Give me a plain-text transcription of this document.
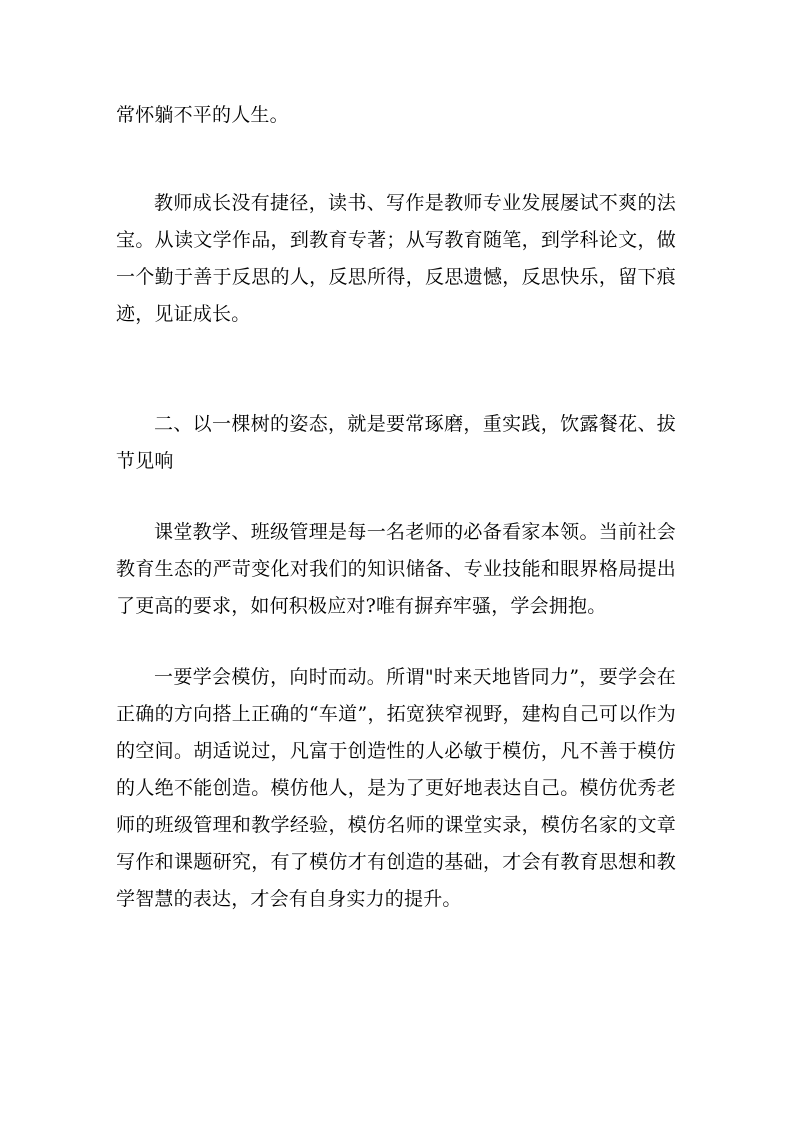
常怀躺不平的人生。

教师成长没有捷径，读书、写作是教师专业发展屡试不爽的法宝。从读文学作品，到教育专著；从写教育随笔，到学科论文，做一个勤于善于反思的人，反思所得，反思遗憾，反思快乐，留下痕迹，见证成长。

二、以一棵树的姿态，就是要常琢磨，重实践，饮露餐花、拔节见响

课堂教学、班级管理是每一名老师的必备看家本领。当前社会教育生态的严苛变化对我们的知识储备、专业技能和眼界格局提出了更高的要求，如何积极应对?唯有摒弃牢骚，学会拥抱。

一要学会模仿，向时而动。所谓"时来天地皆同力”，要学会在正确的方向搭上正确的“车道”，拓宽狭窄视野，建构自己可以作为的空间。胡适说过，凡富于创造性的人必敏于模仿，凡不善于模仿的人绝不能创造。模仿他人，是为了更好地表达自己。模仿优秀老师的班级管理和教学经验，模仿名师的课堂实录，模仿名家的文章写作和课题研究，有了模仿才有创造的基础，才会有教育思想和教学智慧的表达，才会有自身实力的提升。
